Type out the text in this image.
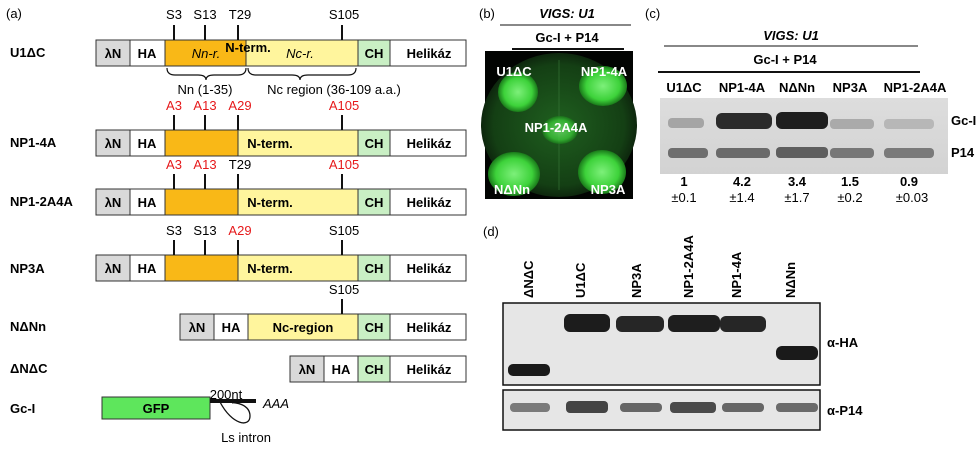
(a)
U1ΔC	λN HA	Nn-r.	Nc-r.
N-term.	CH Helikáz
S3 S13 T29	S105
Nn (1-35)	Nc region (36-109 a.a.)
NP1-4A	λN HA	N-term.	CH Helikáz
A3 A13 A29	A105
NP1-2A4A λN HA	N-term.	CH Helikáz
A3 A13 T29	A105
NP3A	λN HA	N-term.	CH Helikáz
S3 S13 A29	S105
NΔNn	λN HA Nc-region CH Helikáz
S105
ΔNΔC	λN HA CH Helikáz
Gc-I	GFP
200nt
AAA
Ls intron
(b)	VIGS: U1
Gc-I + P14
U1ΔC	NP1-4A
NP1-2A4A
NΔNn	NP3A
(c)
VIGS: U1
Gc-I + P14
U1ΔC NP1-4A NΔNn NP3A NP1-2A4A
Gc-I
P14
1	4.2	3.4	1.5	0.9
±0.1	±1.4 ±1.7 ±0.2	±0.03
(d)
ΔNΔC	U1ΔC	NP3A	NP1-2A4A	NP1-4A	NΔNn
α-HA
α-P14
